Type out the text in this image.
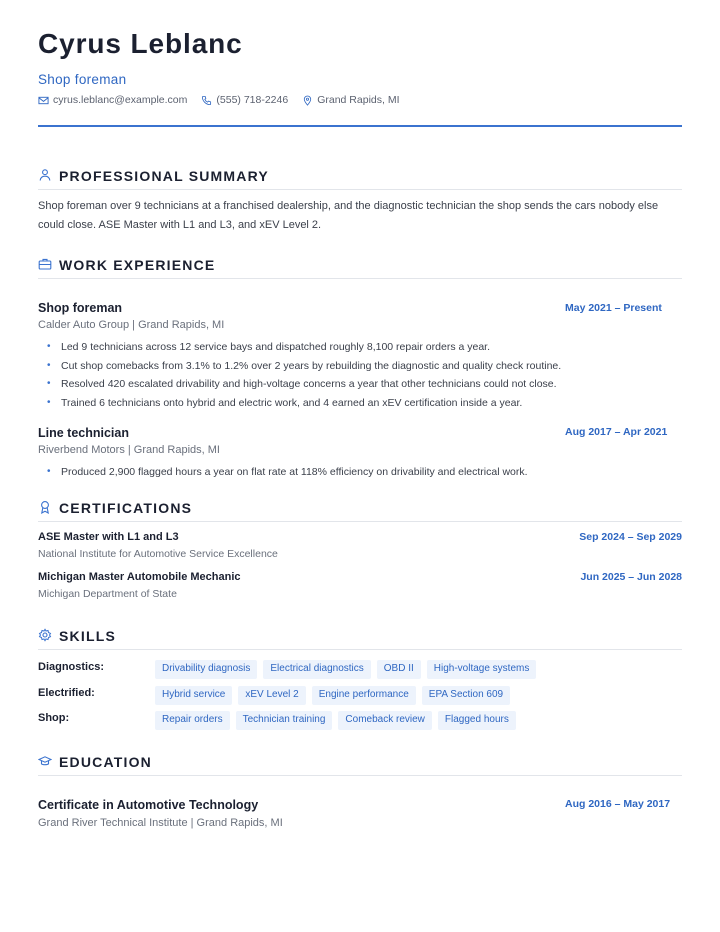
Cyrus Leblanc
Shop foreman
cyrus.leblanc@example.com	(555) 718-2246	Grand Rapids, MI
PROFESSIONAL SUMMARY
Shop foreman over 9 technicians at a franchised dealership, and the diagnostic technician the shop sends the cars nobody else could close. ASE Master with L1 and L3, and xEV Level 2.
WORK EXPERIENCE
Shop foreman	May 2021 – Present
Calder Auto Group | Grand Rapids, MI
• Led 9 technicians across 12 service bays and dispatched roughly 8,100 repair orders a year.
• Cut shop comebacks from 3.1% to 1.2% over 2 years by rebuilding the diagnostic and quality check routine.
• Resolved 420 escalated drivability and high-voltage concerns a year that other technicians could not close.
• Trained 6 technicians onto hybrid and electric work, and 4 earned an xEV certification inside a year.
Line technician	Aug 2017 – Apr 2021
Riverbend Motors | Grand Rapids, MI
• Produced 2,900 flagged hours a year on flat rate at 118% efficiency on drivability and electrical work.
CERTIFICATIONS
ASE Master with L1 and L3	Sep 2024 – Sep 2029
National Institute for Automotive Service Excellence
Michigan Master Automobile Mechanic	Jun 2025 – Jun 2028
Michigan Department of State
SKILLS
Diagnostics:	Drivability diagnosis	Electrical diagnostics	OBD II	High-voltage systems
Electrified:	Hybrid service	xEV Level 2	Engine performance	EPA Section 609
Shop:	Repair orders	Technician training	Comeback review	Flagged hours
EDUCATION
Certificate in Automotive Technology	Aug 2016 – May 2017
Grand River Technical Institute | Grand Rapids, MI
